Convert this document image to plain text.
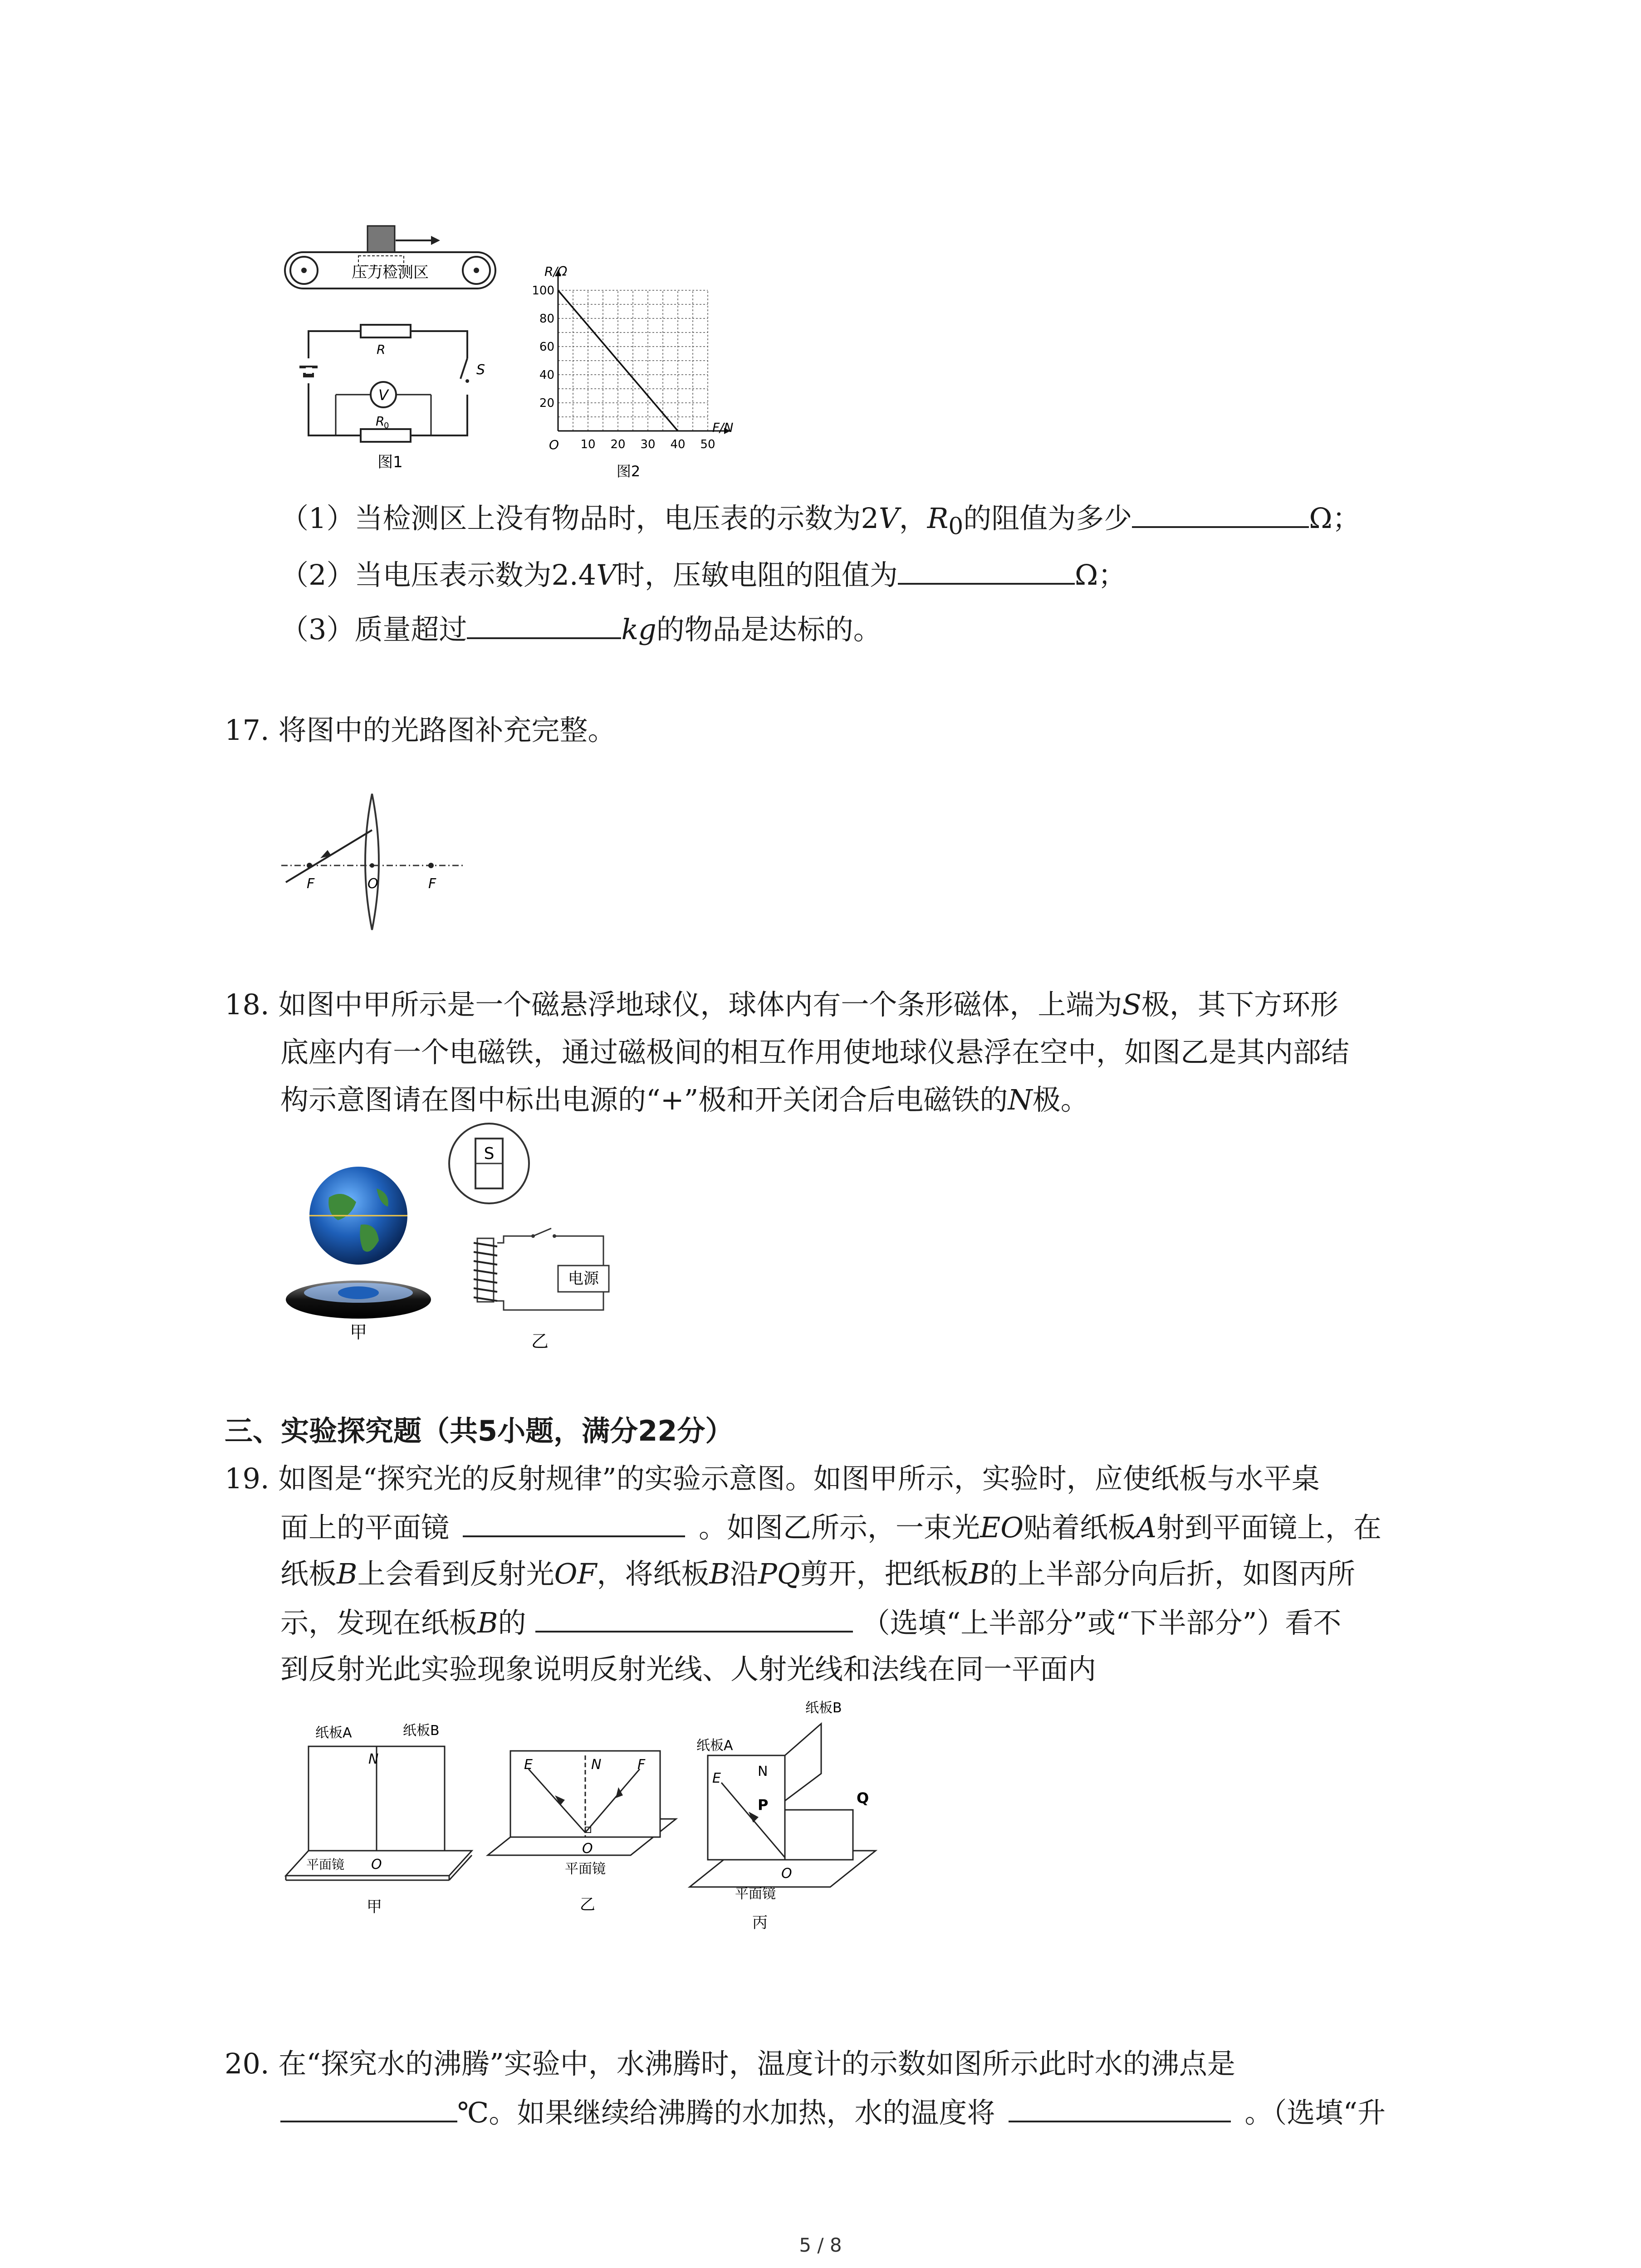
压力检测区
R
V
R
0
S
图1
100
80
60
40
20
10 20 30 40 50
R/Ω
F/N
O
图2
（1）当检测区上没有物品时，电压表的示数为2V，$R_0$的阻值为多少	Ω；
（2）当电压表示数为2.4V时，压敏电阻的阻值为	Ω；
（3）质量超过	kg的物品是达标的。
17. 将图中的光路图补充完整。
F	O	F
18. 如图中甲所示是一个磁悬浮地球仪，球体内有一个条形磁体，上端为S极，其下方环形
底座内有一个电磁铁，通过磁极间的相互作用使地球仪悬浮在空中，如图乙是其内部结
构示意图请在图中标出电源的“+”极和开关闭合后电磁铁的N极。
甲
S
电源
乙
三、实验探究题（共5小题，满分22分）
19. 如图是“探究光的反射规律”的实验示意图。如图甲所示，实验时，应使纸板与水平桌
面上的平面镜	。如图乙所示，一束光EO贴着纸板A射到平面镜上，在
纸板B上会看到反射光OF，将纸板B沿PQ剪开，把纸板B的上半部分向后折，如图丙所
示，发现在纸板B的	（选填“上半部分”或“下半部分”）看不
到反射光此实验现象说明反射光线、人射光线和法线在同一平面内
纸板A	纸板B
N
平面镜 O
甲
E	N	F
O
平面镜
乙
纸板B
纸板A
E	N
P	Q
O
平面镜
丙
20. 在“探究水的沸腾”实验中，水沸腾时，温度计的示数如图所示此时水的沸点是
℃。如果继续给沸腾的水加热，水的温度将	。（选填“升
5 / 8
